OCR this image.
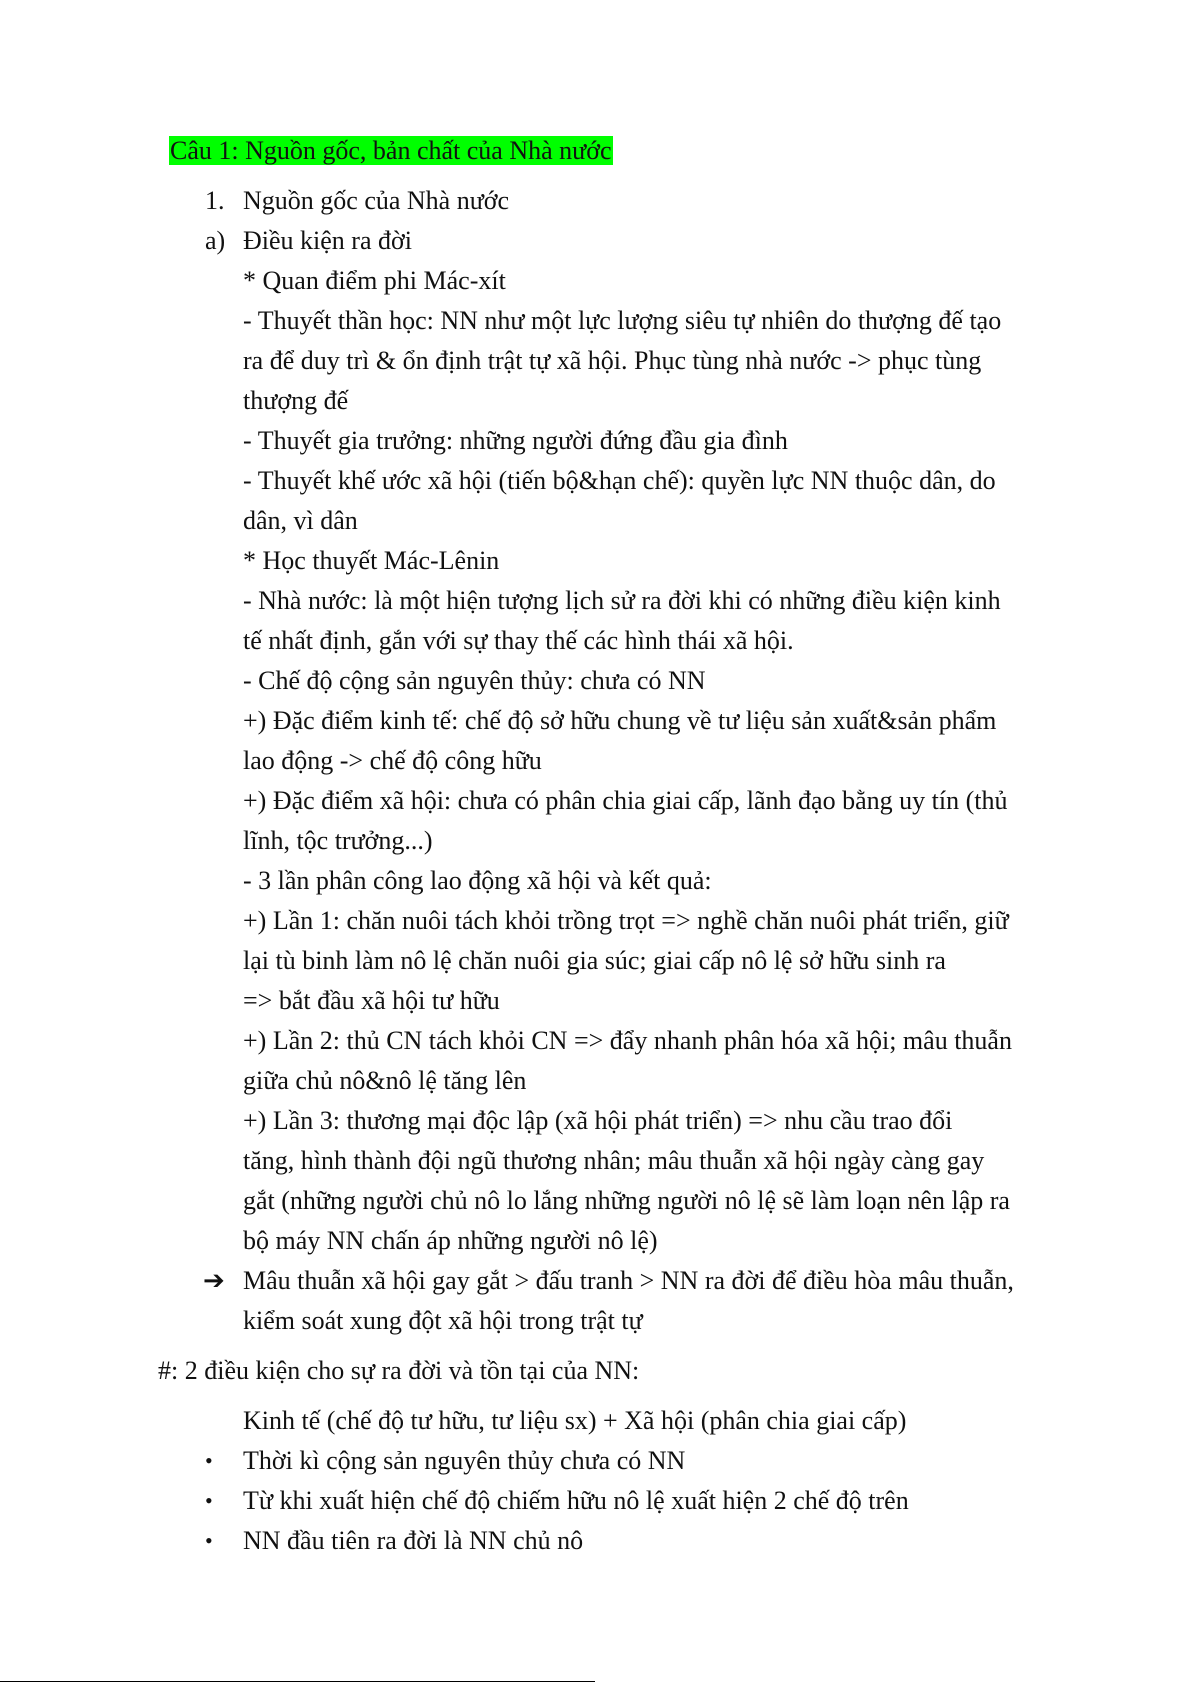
Câu 1: Nguồn gốc, bản chất của Nhà nước
1. Nguồn gốc của Nhà nước
a) Điều kiện ra đời
* Quan điểm phi Mác-xít
- Thuyết thần học: NN như một lực lượng siêu tự nhiên do thượng đế tạo
ra để duy trì & ổn định trật tự xã hội. Phục tùng nhà nước -> phục tùng
thượng đế
- Thuyết gia trưởng: những người đứng đầu gia đình
- Thuyết khế ước xã hội (tiến bộ&hạn chế): quyền lực NN thuộc dân, do
dân, vì dân
* Học thuyết Mác-Lênin
- Nhà nước: là một hiện tượng lịch sử ra đời khi có những điều kiện kinh
tế nhất định, gắn với sự thay thế các hình thái xã hội.
- Chế độ cộng sản nguyên thủy: chưa có NN
+) Đặc điểm kinh tế: chế độ sở hữu chung về tư liệu sản xuất&sản phẩm
lao động -> chế độ công hữu
+) Đặc điểm xã hội: chưa có phân chia giai cấp, lãnh đạo bằng uy tín (thủ
lĩnh, tộc trưởng...)
- 3 lần phân công lao động xã hội và kết quả:
+) Lần 1: chăn nuôi tách khỏi trồng trọt => nghề chăn nuôi phát triển, giữ
lại tù binh làm nô lệ chăn nuôi gia súc; giai cấp nô lệ sở hữu sinh ra
=> bắt đầu xã hội tư hữu
+) Lần 2: thủ CN tách khỏi CN => đẩy nhanh phân hóa xã hội; mâu thuẫn
giữa chủ nô&nô lệ tăng lên
+) Lần 3: thương mại độc lập (xã hội phát triển) => nhu cầu trao đổi
tăng, hình thành đội ngũ thương nhân; mâu thuẫn xã hội ngày càng gay
gắt (những người chủ nô lo lắng những người nô lệ sẽ làm loạn nên lập ra
bộ máy NN chấn áp những người nô lệ)
➔ Mâu thuẫn xã hội gay gắt > đấu tranh > NN ra đời để điều hòa mâu thuẫn,
kiểm soát xung đột xã hội trong trật tự
#: 2 điều kiện cho sự ra đời và tồn tại của NN:
Kinh tế (chế độ tư hữu, tư liệu sx) + Xã hội (phân chia giai cấp)
• Thời kì cộng sản nguyên thủy chưa có NN
• Từ khi xuất hiện chế độ chiếm hữu nô lệ xuất hiện 2 chế độ trên
• NN đầu tiên ra đời là NN chủ nô
